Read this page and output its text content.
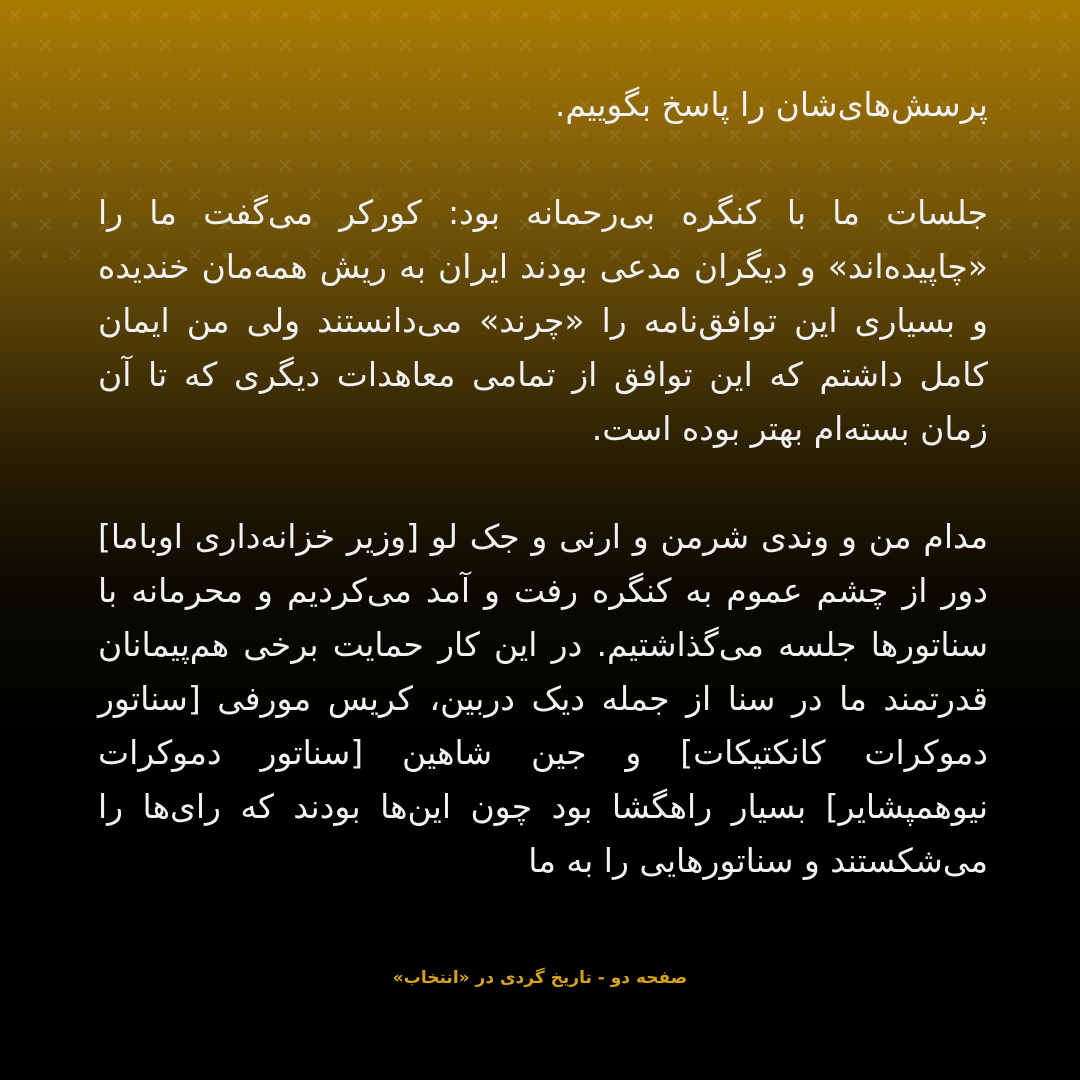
پرسش‌های‌شان را پاسخ بگوییم.

جلسات ما با کنگره بی‌رحمانه بود: کورکر می‌گفت ما را «چاپیده‌اند» و دیگران مدعی بودند ایران به ریش همه‌مان خندیده و بسیاری این توافق‌نامه را «چرند» می‌دانستند ولی من ایمان کامل داشتم که این توافق از تمامی معاهدات دیگری که تا آن زمان بسته‌ام بهتر بوده است.

مدام من و وندی شرمن و ارنی و جک لو [وزیر خزانه‌داری اوباما] دور از چشم عموم به کنگره رفت و آمد می‌کردیم و محرمانه با سناتورها جلسه می‌گذاشتیم. در این کار حمایت برخی هم‌پیمانان قدرتمند ما در سنا از جمله دیک دربین، کریس مورفی [سناتور دموکرات کانکتیکات] و جین شاهین [سناتور دموکرات نیوهمپشایر] بسیار راهگشا بود چون این‌ها بودند که رای‌ها را می‌شکستند و سناتورهایی را به ما

صفحه دو - تاریخ گردی در «انتخاب»
